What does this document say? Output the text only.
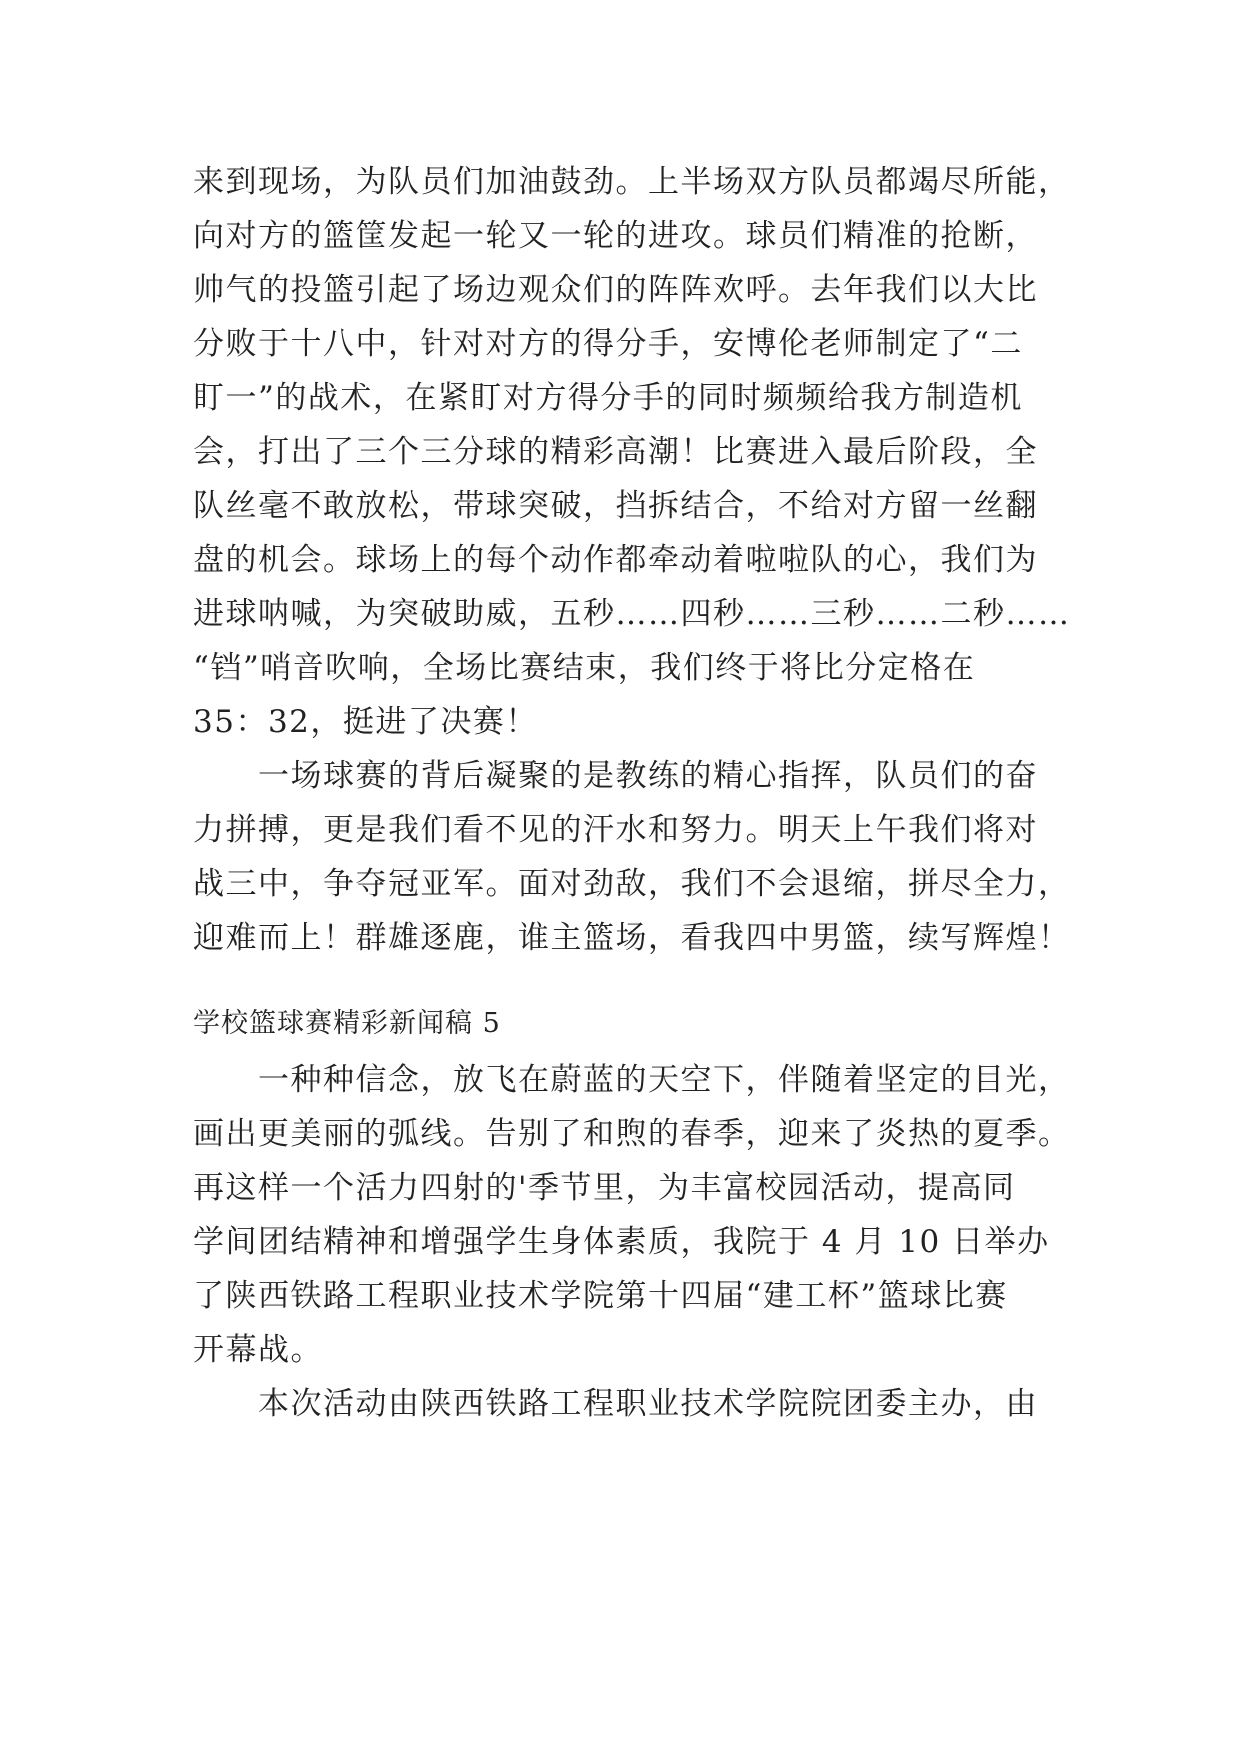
来到现场，为队员们加油鼓劲。上半场双方队员都竭尽所能，
向对方的篮筐发起一轮又一轮的进攻。球员们精准的抢断，
帅气的投篮引起了场边观众们的阵阵欢呼。去年我们以大比
分败于十八中，针对对方的得分手，安博伦老师制定了“二
盯一”的战术，在紧盯对方得分手的同时频频给我方制造机
会，打出了三个三分球的精彩高潮！比赛进入最后阶段，全
队丝毫不敢放松，带球突破，挡拆结合，不给对方留一丝翻
盘的机会。球场上的每个动作都牵动着啦啦队的心，我们为
进球呐喊，为突破助威，五秒……四秒……三秒……二秒……
“铛”哨音吹响，全场比赛结束，我们终于将比分定格在
35：32，挺进了决赛！
　　一场球赛的背后凝聚的是教练的精心指挥，队员们的奋
力拼搏，更是我们看不见的汗水和努力。明天上午我们将对
战三中，争夺冠亚军。面对劲敌，我们不会退缩，拼尽全力，
迎难而上！群雄逐鹿，谁主篮场，看我四中男篮，续写辉煌！
学校篮球赛精彩新闻稿 5
　　一种种信念，放飞在蔚蓝的天空下，伴随着坚定的目光，
画出更美丽的弧线。告别了和煦的春季，迎来了炎热的夏季。
再这样一个活力四射的'季节里，为丰富校园活动，提高同
学间团结精神和增强学生身体素质，我院于 4 月 10 日举办
了陕西铁路工程职业技术学院第十四届“建工杯”篮球比赛
开幕战。
　　本次活动由陕西铁路工程职业技术学院院团委主办，由
